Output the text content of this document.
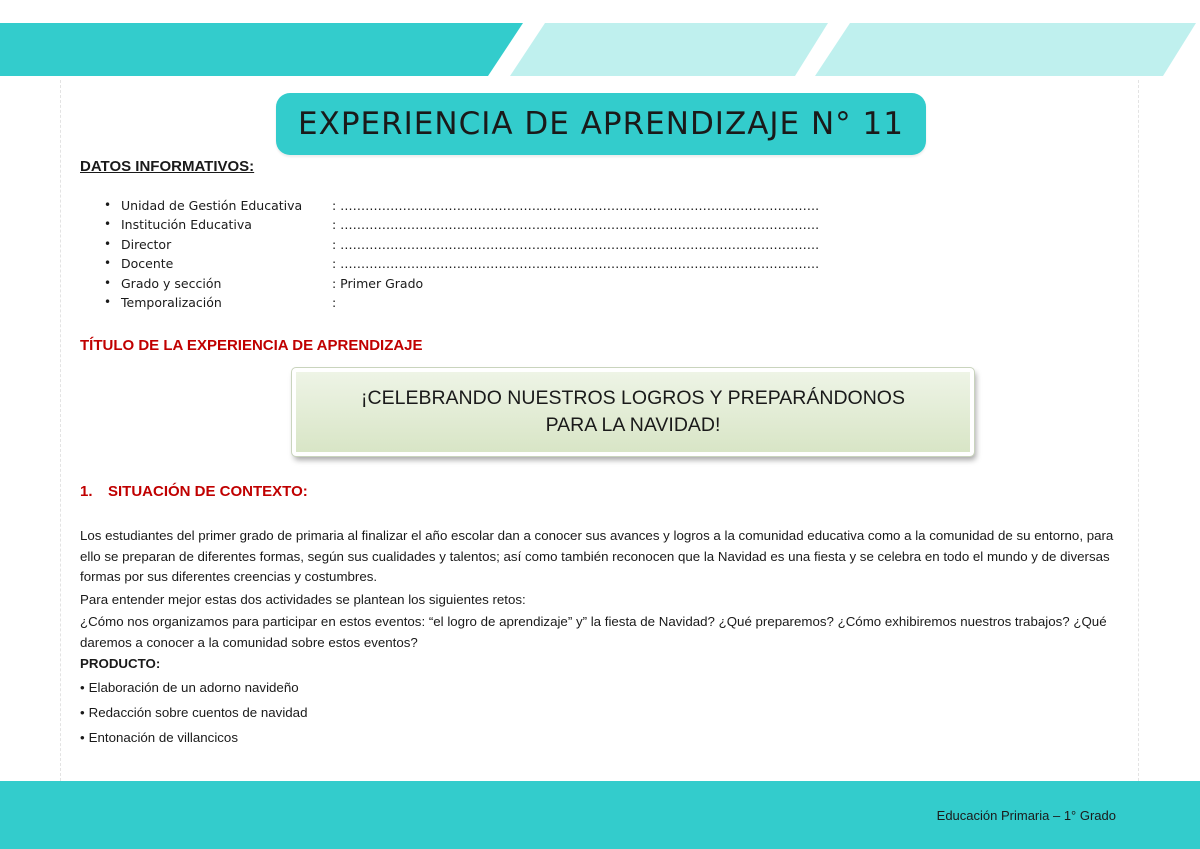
EXPERIENCIA DE APRENDIZAJE N° 11
DATOS INFORMATIVOS:
• Unidad de Gestión Educativa : …………………………………………………………………………………………………….
• Institución Educativa	: …………………………………………………………………………………………………….
• Director	: …………………………………………………………………………………………………….
• Docente	: …………………………………………………………………………………………………….
• Grado y sección	: Primer Grado
• Temporalización	:
TÍTULO DE LA EXPERIENCIA DE APRENDIZAJE
¡CELEBRANDO NUESTROS LOGROS Y PREPARÁNDONOS
PARA LA NAVIDAD!
1. SITUACIÓN DE CONTEXTO:
Los estudiantes del primer grado de primaria al finalizar el año escolar dan a conocer sus avances y logros a la comunidad educativa como a la comunidad de su entorno, para ello se preparan de diferentes formas, según sus cualidades y talentos; así como también reconocen que la Navidad es una fiesta y se celebra en todo el mundo y de diversas formas por sus diferentes creencias y costumbres.
Para entender mejor estas dos actividades se plantean los siguientes retos:
¿Cómo nos organizamos para participar en estos eventos: “el logro de aprendizaje” y” la fiesta de Navidad? ¿Qué preparemos? ¿Cómo exhibiremos nuestros trabajos? ¿Qué daremos a conocer a la comunidad sobre estos eventos?
PRODUCTO:
• Elaboración de un adorno navideño
• Redacción sobre cuentos de navidad
• Entonación de villancicos
Educación Primaria – 1° Grado
